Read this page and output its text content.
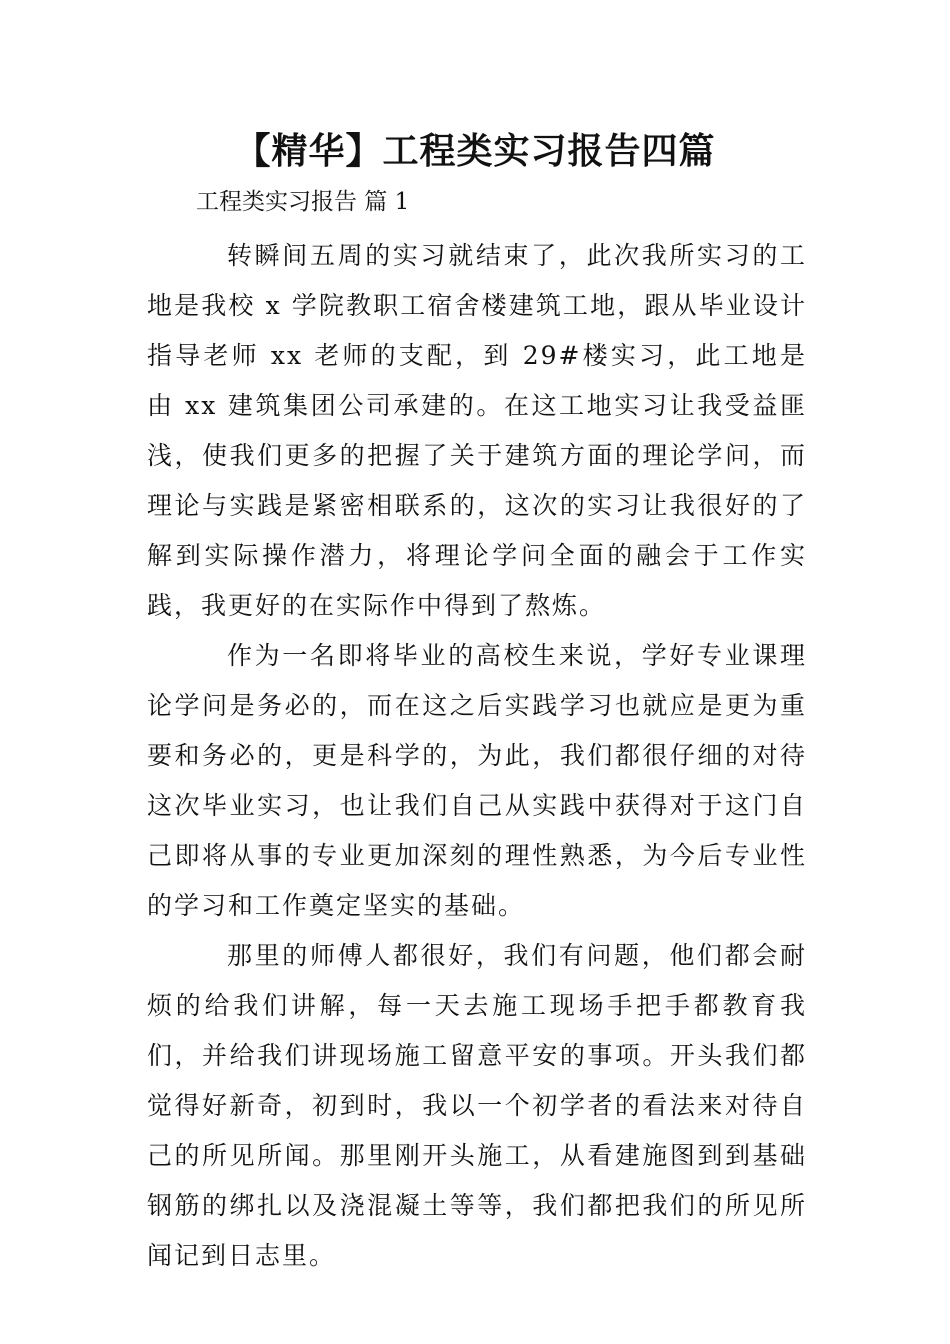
【精华】工程类实习报告四篇

工程类实习报告 篇 1

转瞬间五周的实习就结束了，此次我所实习的工地是我校 x 学院教职工宿舍楼建筑工地，跟从毕业设计指导老师 xx 老师的支配，到 29#楼实习，此工地是由 xx 建筑集团公司承建的。在这工地实习让我受益匪浅，使我们更多的把握了关于建筑方面的理论学问，而理论与实践是紧密相联系的，这次的实习让我很好的了解到实际操作潜力，将理论学问全面的融会于工作实践，我更好的在实际作中得到了熬炼。

作为一名即将毕业的高校生来说，学好专业课理论学问是务必的，而在这之后实践学习也就应是更为重要和务必的，更是科学的，为此，我们都很仔细的对待这次毕业实习，也让我们自己从实践中获得对于这门自己即将从事的专业更加深刻的理性熟悉，为今后专业性的学习和工作奠定坚实的基础。

那里的师傅人都很好，我们有问题，他们都会耐烦的给我们讲解，每一天去施工现场手把手都教育我们，并给我们讲现场施工留意平安的事项。开头我们都觉得好新奇，初到时，我以一个初学者的看法来对待自己的所见所闻。那里刚开头施工，从看建施图到到基础钢筋的绑扎以及浇混凝土等等，我们都把我们的所见所闻记到日志里。
